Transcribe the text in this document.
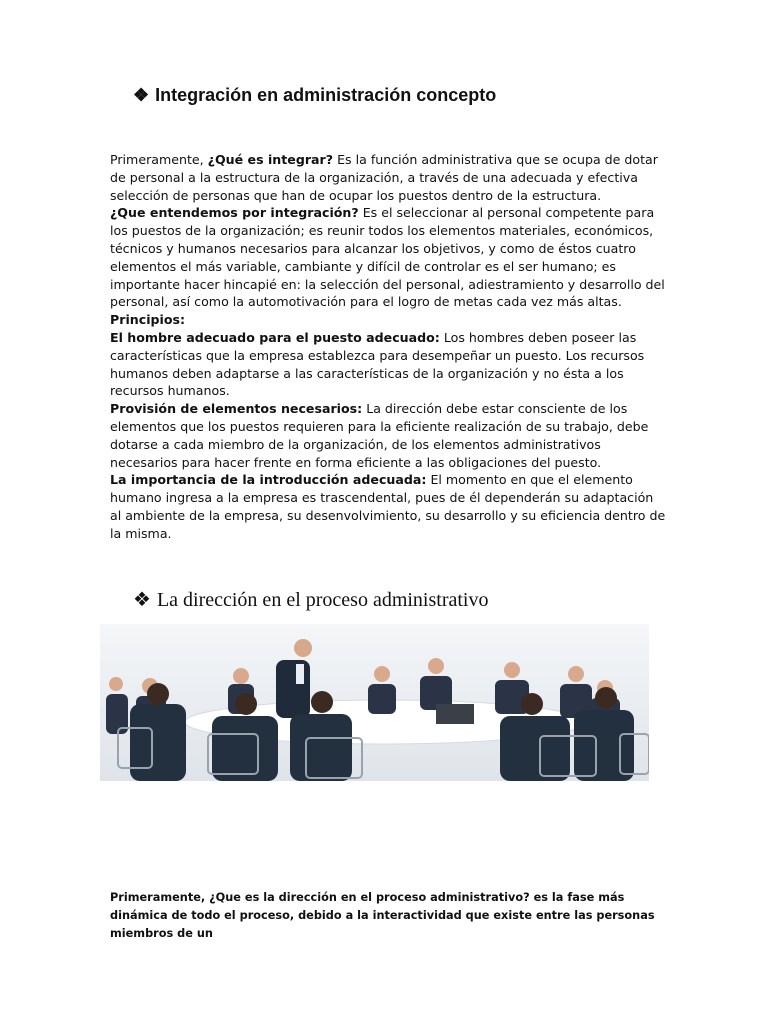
❖ Integración en administración concepto

Primeramente, ¿Qué es integrar? Es la función administrativa que se ocupa de dotar de personal a la estructura de la organización, a través de una adecuada y efectiva selección de personas que han de ocupar los puestos dentro de la estructura.

¿Que entendemos por integración? Es el seleccionar al personal competente para los puestos de la organización; es reunir todos los elementos materiales, económicos, técnicos y humanos necesarios para alcanzar los objetivos, y como de éstos cuatro elementos el más variable, cambiante y difícil de controlar es el ser humano; es importante hacer hincapié en: la selección del personal, adiestramiento y desarrollo del personal, así como la automotivación para el logro de metas cada vez más altas.

Principios:

El hombre adecuado para el puesto adecuado: Los hombres deben poseer las características que la empresa establezca para desempeñar un puesto. Los recursos humanos deben adaptarse a las características de la organización y no ésta a los recursos humanos.

Provisión de elementos necesarios: La dirección debe estar consciente de los elementos que los puestos requieren para la eficiente realización de su trabajo, debe dotarse a cada miembro de la organización, de los elementos administrativos necesarios para hacer frente en forma eficiente a las obligaciones del puesto.

La importancia de la introducción adecuada: El momento en que el elemento humano ingresa a la empresa es trascendental, pues de él dependerán su adaptación al ambiente de la empresa, su desenvolvimiento, su desarrollo y su eficiencia dentro de la misma.

❖ La dirección en el proceso administrativo

Primeramente, ¿Que es la dirección en el proceso administrativo? es la fase más dinámica de todo el proceso, debido a la interactividad que existe entre las personas miembros de un
